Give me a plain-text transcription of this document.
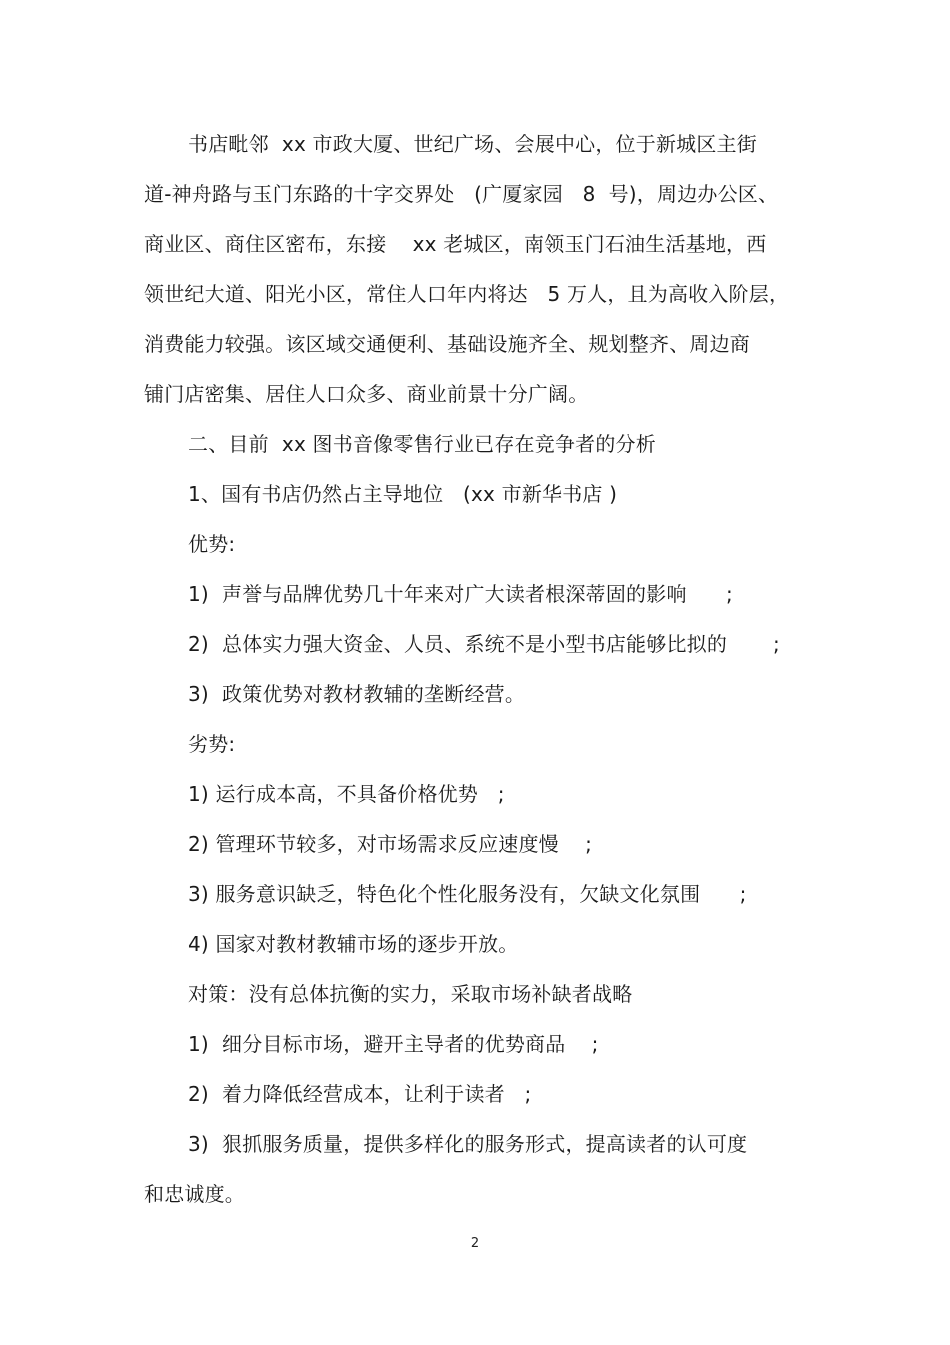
书店毗邻  xx 市政大厦、世纪广场、会展中心，位于新城区主街
道-神舟路与玉门东路的十字交界处   (广厦家园   8  号)，周边办公区、
商业区、商住区密布，东接    xx 老城区，南领玉门石油生活基地，西
领世纪大道、阳光小区，常住人口年内将达   5 万人，且为高收入阶层，
消费能力较强。该区域交通便利、基础设施齐全、规划整齐、周边商
铺门店密集、居住人口众多、商业前景十分广阔。
二、目前  xx 图书音像零售行业已存在竞争者的分析
1、国有书店仍然占主导地位   (xx 市新华书店 )
优势:
1)  声誉与品牌优势几十年来对广大读者根深蒂固的影响      ;
2)  总体实力强大资金、人员、系统不是小型书店能够比拟的       ;
3)  政策优势对教材教辅的垄断经营。
劣势:
1) 运行成本高，不具备价格优势   ;
2) 管理环节较多，对市场需求反应速度慢    ;
3) 服务意识缺乏，特色化个性化服务没有，欠缺文化氛围      ;
4) 国家对教材教辅市场的逐步开放。
对策：没有总体抗衡的实力，采取市场补缺者战略
1)  细分目标市场，避开主导者的优势商品    ;
2)  着力降低经营成本，让利于读者   ;
3)  狠抓服务质量，提供多样化的服务形式，提高读者的认可度
和忠诚度。
2
